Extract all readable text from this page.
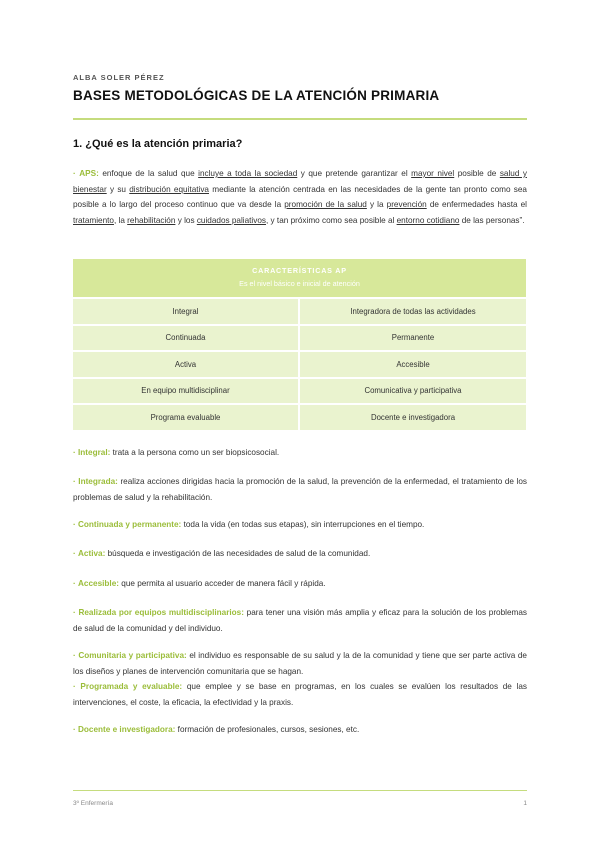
ALBA SOLER PÉREZ
BASES METODOLÓGICAS DE LA ATENCIÓN PRIMARIA
1. ¿Qué es la atención primaria?
· APS: enfoque de la salud que incluye a toda la sociedad y que pretende garantizar el mayor nivel posible de salud y bienestar y su distribución equitativa mediante la atención centrada en las necesidades de la gente tan pronto como sea posible a lo largo del proceso continuo que va desde la promoción de la salud y la prevención de enfermedades hasta el tratamiento, la rehabilitación y los cuidados paliativos, y tan próximo como sea posible al entorno cotidiano de las personas”.
CARACTERÍSTICAS AP
Es el nivel básico e inicial de atención
Integral	Integradora de todas las actividades
Continuada	Permanente
Activa	Accesible
En equipo multidisciplinar	Comunicativa y participativa
Programa evaluable	Docente e investigadora
· Integral: trata a la persona como un ser biopsicosocial.
· Integrada: realiza acciones dirigidas hacia la promoción de la salud, la prevención de la enfermedad, el tratamiento de los problemas de salud y la rehabilitación.
· Continuada y permanente: toda la vida (en todas sus etapas), sin interrupciones en el tiempo.
· Activa: búsqueda e investigación de las necesidades de salud de la comunidad.
· Accesible: que permita al usuario acceder de manera fácil y rápida.
· Realizada por equipos multidisciplinarios: para tener una visión más amplia y eficaz para la solución de los problemas de salud de la comunidad y del individuo.
· Comunitaria y participativa: el individuo es responsable de su salud y la de la comunidad y tiene que ser parte activa de los diseños y planes de intervención comunitaria que se hagan.
· Programada y evaluable: que emplee y se base en programas, en los cuales se evalúen los resultados de las intervenciones, el coste, la eficacia, la efectividad y la praxis.
· Docente e investigadora: formación de profesionales, cursos, sesiones, etc.
3º Enfermería	1
